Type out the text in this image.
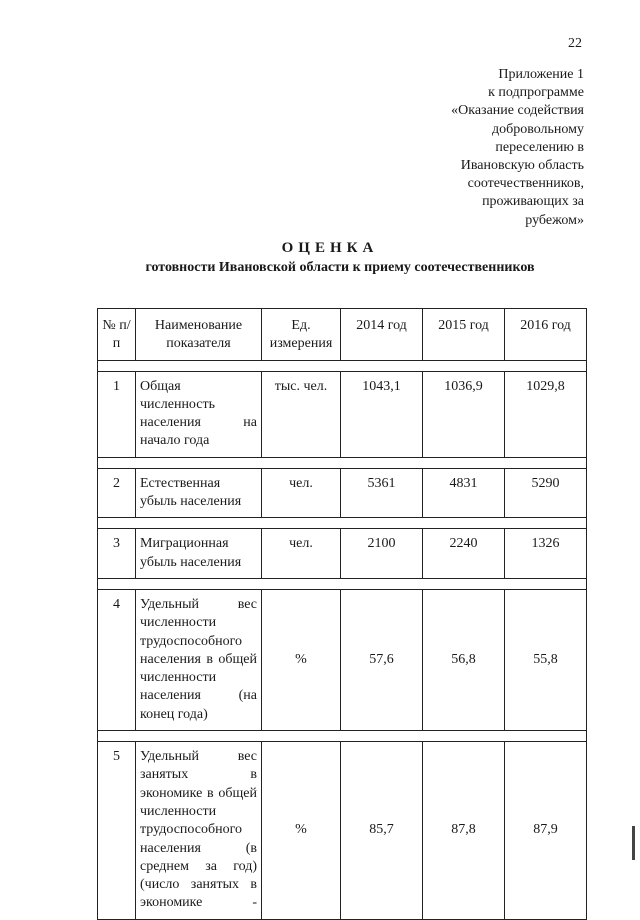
22
Приложение 1
к подпрограмме
«Оказание содействия
добровольному
переселению в
Ивановскую область
соотечественников,
проживающих за
рубежом»
ОЦЕНКА
готовности Ивановской области к приему соотечественников
№ п/п	Наименование показателя	Ед. измерения	2014 год	2015 год	2016 год

1	Общая численность населения на начало года	тыс. чел.	1043,1	1036,9	1029,8

2	Естественная убыль населения	чел.	5361	4831	5290

3	Миграционная убыль населения	чел.	2100	2240	1326

4	Удельный вес численности трудоспособного населения в общей численности населения (на конец года)	%	57,6	56,8	55,8

5	Удельный вес занятых в экономике в общей численности трудоспособного населения (в среднем за год) (число занятых в экономике -	%	85,7	87,8	87,9
